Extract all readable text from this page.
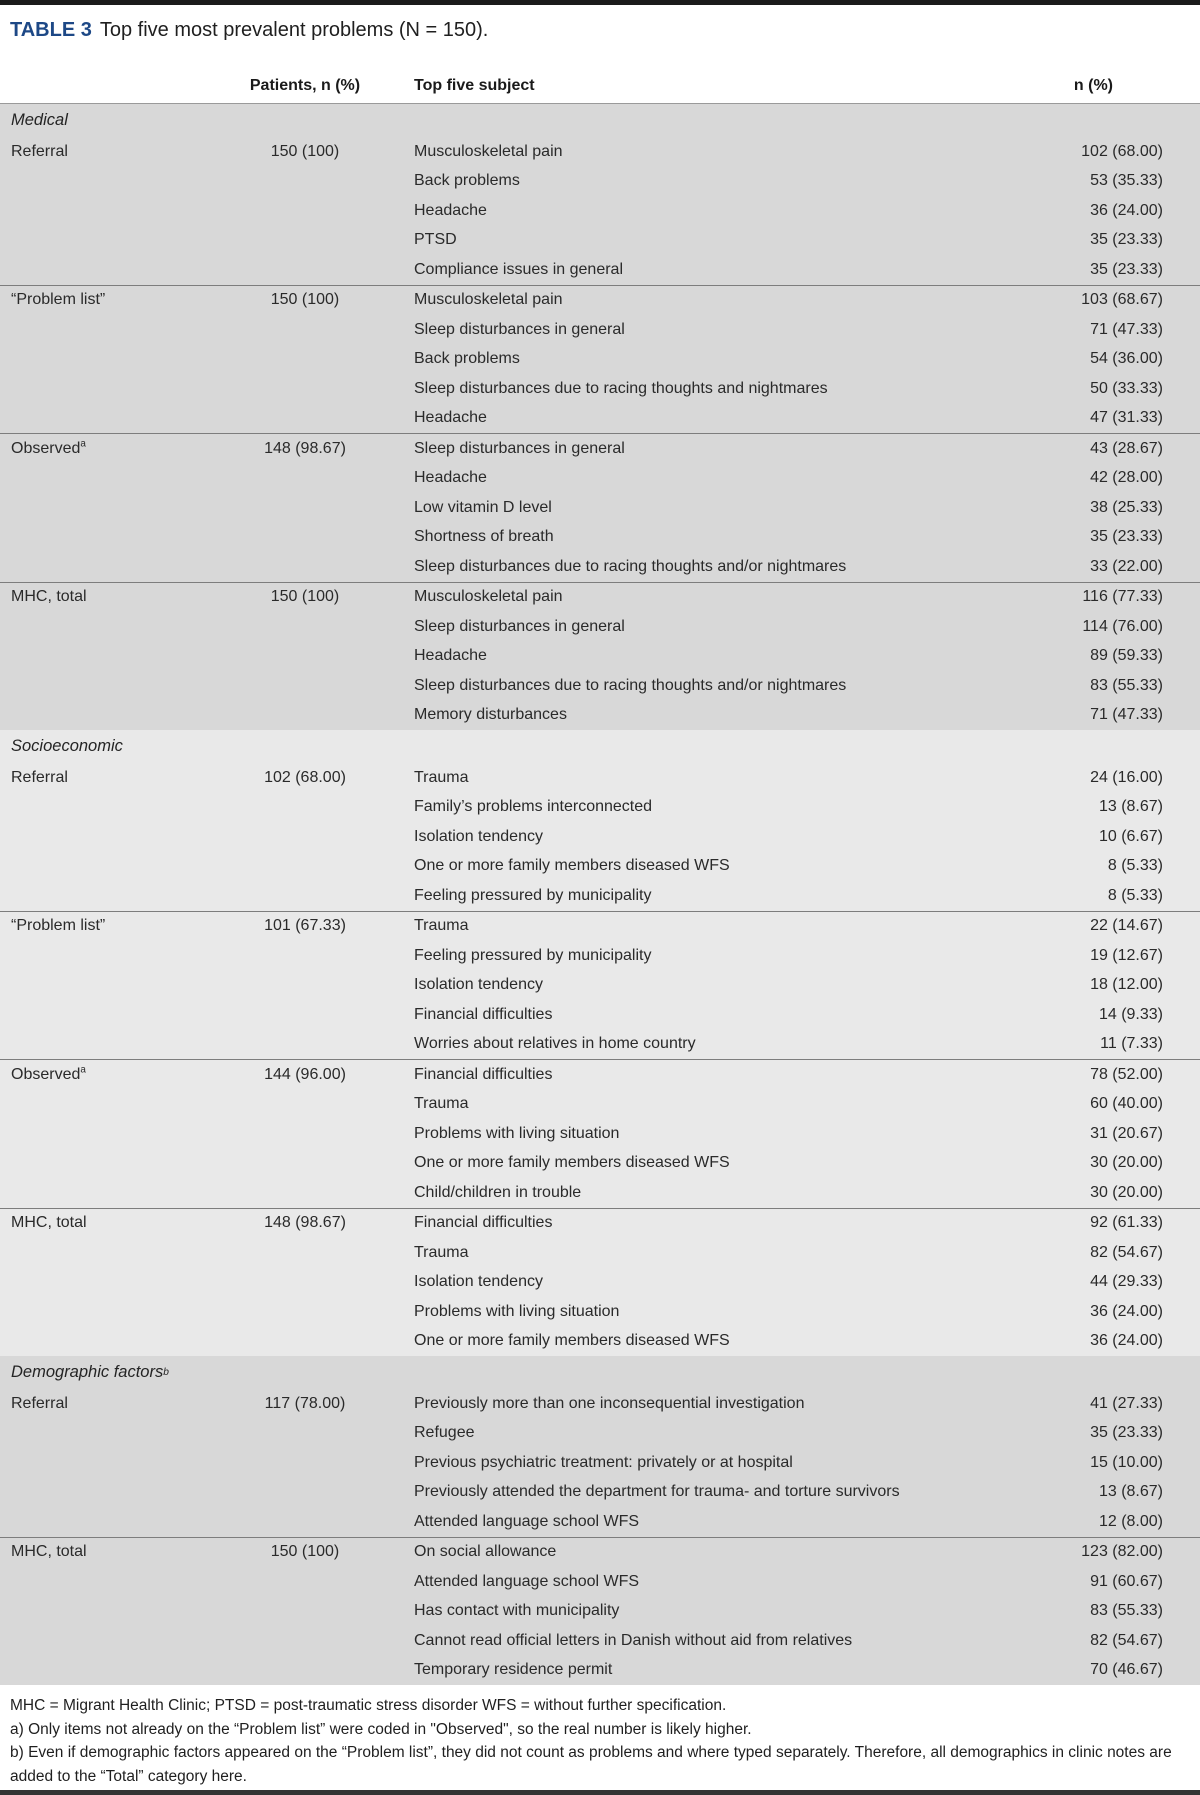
TABLE 3 Top five most prevalent problems (N = 150).
Patients, n (%)	Top five subject	n (%)
Medical
Referral	150 (100)	Musculoskeletal pain	102 (68.00)
Back problems	53 (35.33)
Headache	36 (24.00)
PTSD	35 (23.33)
Compliance issues in general	35 (23.33)
“Problem list”	150 (100)	Musculoskeletal pain	103 (68.67)
Sleep disturbances in general	71 (47.33)
Back problems	54 (36.00)
Sleep disturbances due to racing thoughts and nightmares	50 (33.33)
Headache	47 (31.33)
Observed$^a$	148 (98.67)	Sleep disturbances in general	43 (28.67)
Headache	42 (28.00)
Low vitamin D level	38 (25.33)
Shortness of breath	35 (23.33)
Sleep disturbances due to racing thoughts and/or nightmares	33 (22.00)
MHC, total	150 (100)	Musculoskeletal pain	116 (77.33)
Sleep disturbances in general	114 (76.00)
Headache	89 (59.33)
Sleep disturbances due to racing thoughts and/or nightmares	83 (55.33)
Memory disturbances	71 (47.33)
Socioeconomic
Referral	102 (68.00)	Trauma	24 (16.00)
Family’s problems interconnected	13 (8.67)
Isolation tendency	10 (6.67)
One or more family members diseased WFS	8 (5.33)
Feeling pressured by municipality	8 (5.33)
“Problem list”	101 (67.33)	Trauma	22 (14.67)
Feeling pressured by municipality	19 (12.67)
Isolation tendency	18 (12.00)
Financial difficulties	14 (9.33)
Worries about relatives in home country	11 (7.33)
Observed$^a$	144 (96.00)	Financial difficulties	78 (52.00)
Trauma	60 (40.00)
Problems with living situation	31 (20.67)
One or more family members diseased WFS	30 (20.00)
Child/children in trouble	30 (20.00)
MHC, total	148 (98.67)	Financial difficulties	92 (61.33)
Trauma	82 (54.67)
Isolation tendency	44 (29.33)
Problems with living situation	36 (24.00)
One or more family members diseased WFS	36 (24.00)
Demographic factors b
Referral	117 (78.00)	Previously more than one inconsequential investigation	41 (27.33)
Refugee	35 (23.33)
Previous psychiatric treatment: privately or at hospital	15 (10.00)
Previously attended the department for trauma- and torture survivors	13 (8.67)
Attended language school WFS	12 (8.00)
MHC, total	150 (100)	On social allowance	123 (82.00)
Attended language school WFS	91 (60.67)
Has contact with municipality	83 (55.33)
Cannot read official letters in Danish without aid from relatives	82 (54.67)
Temporary residence permit	70 (46.67)

MHC = Migrant Health Clinic; PTSD = post-traumatic stress disorder WFS = without further specification.

a) Only items not already on the “Problem list” were coded in "Observed", so the real number is likely higher.

b) Even if demographic factors appeared on the “Problem list”, they did not count as problems and where typed separately. Therefore, all demographics in clinic notes are added to the “Total” category here.
